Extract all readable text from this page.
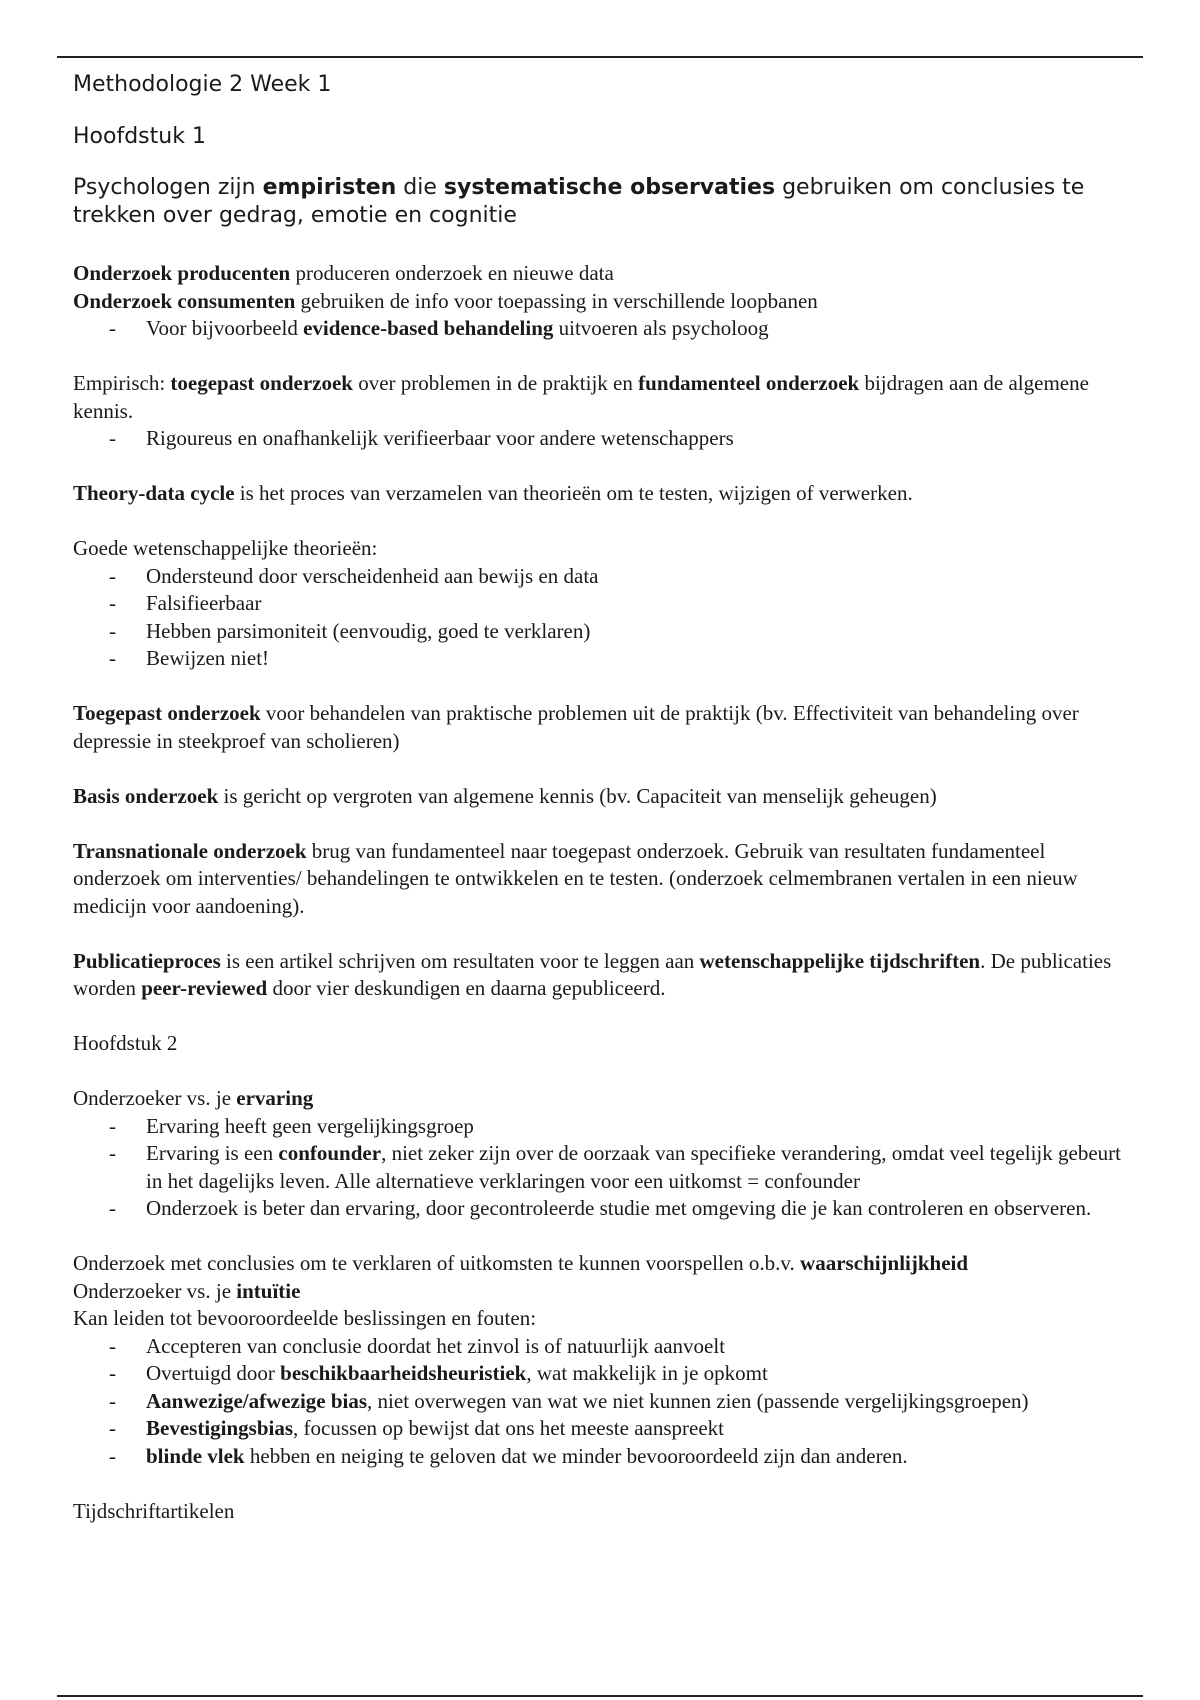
Methodologie 2 Week 1

Hoofdstuk 1

Psychologen zijn empiristen die systematische observaties gebruiken om conclusies te trekken over gedrag, emotie en cognitie

Onderzoek producenten produceren onderzoek en nieuwe data

Onderzoek consumenten gebruiken de info voor toepassing in verschillende loopbanen

- Voor bijvoorbeeld evidence-based behandeling uitvoeren als psycholoog

Empirisch: toegepast onderzoek over problemen in de praktijk en fundamenteel onderzoek bijdragen aan de algemene kennis.

- Rigoureus en onafhankelijk verifieerbaar voor andere wetenschappers

Theory-data cycle is het proces van verzamelen van theorieën om te testen, wijzigen of verwerken.

Goede wetenschappelijke theorieën:

- Ondersteund door verscheidenheid aan bewijs en data
- Falsifieerbaar
- Hebben parsimoniteit (eenvoudig, goed te verklaren)
- Bewijzen niet!

Toegepast onderzoek voor behandelen van praktische problemen uit de praktijk (bv. Effectiviteit van behandeling over depressie in steekproef van scholieren)

Basis onderzoek is gericht op vergroten van algemene kennis (bv. Capaciteit van menselijk geheugen)

Transnationale onderzoek brug van fundamenteel naar toegepast onderzoek. Gebruik van resultaten fundamenteel onderzoek om interventies/ behandelingen te ontwikkelen en te testen. (onderzoek celmembranen vertalen in een nieuw medicijn voor aandoening).

Publicatieproces is een artikel schrijven om resultaten voor te leggen aan wetenschappelijke tijdschriften. De publicaties worden peer-reviewed door vier deskundigen en daarna gepubliceerd.

Hoofdstuk 2

Onderzoeker vs. je ervaring

- Ervaring heeft geen vergelijkingsgroep
- Ervaring is een confounder, niet zeker zijn over de oorzaak van specifieke verandering, omdat veel tegelijk gebeurt in het dagelijks leven. Alle alternatieve verklaringen voor een uitkomst = confounder
- Onderzoek is beter dan ervaring, door gecontroleerde studie met omgeving die je kan controleren en observeren.

Onderzoek met conclusies om te verklaren of uitkomsten te kunnen voorspellen o.b.v. waarschijnlijkheid

Onderzoeker vs. je intuïtie

Kan leiden tot bevooroordeelde beslissingen en fouten:

- Accepteren van conclusie doordat het zinvol is of natuurlijk aanvoelt
- Overtuigd door beschikbaarheidsheuristiek, wat makkelijk in je opkomt
- Aanwezige/afwezige bias, niet overwegen van wat we niet kunnen zien (passende vergelijkingsgroepen)
- Bevestigingsbias, focussen op bewijst dat ons het meeste aanspreekt
- blinde vlek hebben en neiging te geloven dat we minder bevooroordeeld zijn dan anderen.

Tijdschriftartikelen
